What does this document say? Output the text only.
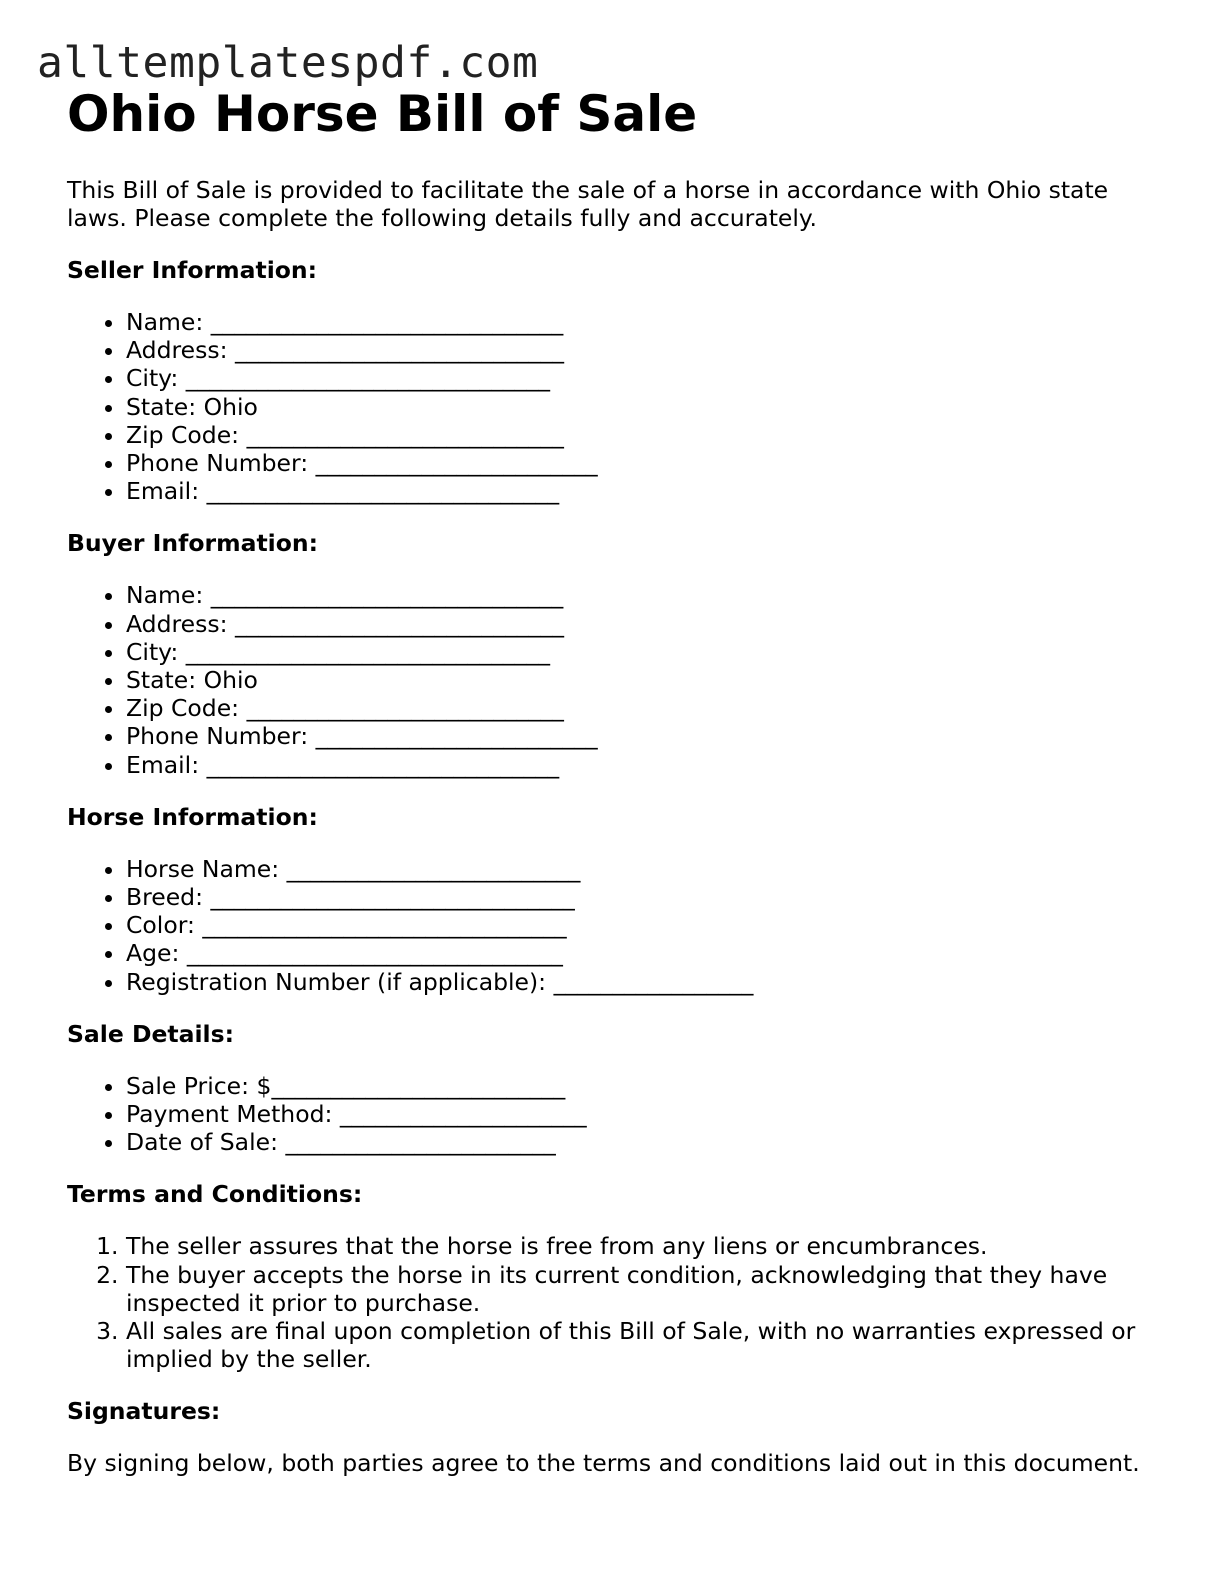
alltemplatespdf.com
Ohio Horse Bill of Sale

This Bill of Sale is provided to facilitate the sale of a horse in accordance with Ohio state laws. Please complete the following details fully and accurately.

Seller Information:
• Name: ______________________________
• Address: ____________________________
• City: _______________________________
• State: Ohio
• Zip Code: ___________________________
• Phone Number: ________________________
• Email: ______________________________
Buyer Information:
• Name: ______________________________
• Address: ____________________________
• City: _______________________________
• State: Ohio
• Zip Code: ___________________________
• Phone Number: ________________________
• Email: ______________________________
Horse Information:
• Horse Name: _________________________
• Breed: _______________________________
• Color: _______________________________
• Age: ________________________________
• Registration Number (if applicable): _________________
Sale Details:
• Sale Price: $_________________________
• Payment Method: _____________________
• Date of Sale: _______________________
Terms and Conditions:
1. The seller assures that the horse is free from any liens or encumbrances.
2. The buyer accepts the horse in its current condition, acknowledging that they have inspected it prior to purchase.
3. All sales are final upon completion of this Bill of Sale, with no warranties expressed or implied by the seller.
Signatures:

By signing below, both parties agree to the terms and conditions laid out in this document.
